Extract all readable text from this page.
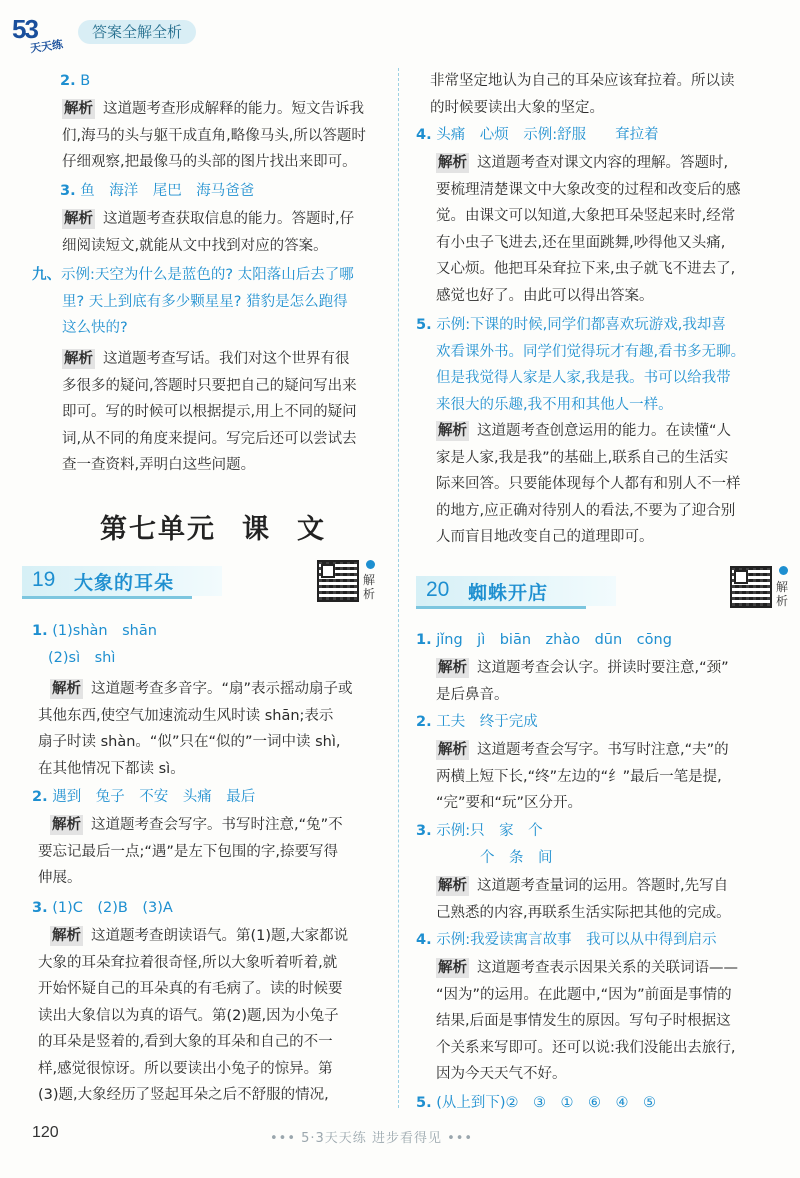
53
天天练
答案全解全析
2. B
解析 这道题考查形成解释的能力。短文告诉我
们,海马的头与躯干成直角,略像马头,所以答题时
仔细观察,把最像马的头部的图片找出来即可。
3. 鱼　海洋　尾巴　海马爸爸
解析 这道题考查获取信息的能力。答题时,仔
细阅读短文,就能从文中找到对应的答案。
九、示例:天空为什么是蓝色的? 太阳落山后去了哪
里? 天上到底有多少颗星星? 猎豹是怎么跑得
这么快的?
解析 这道题考查写话。我们对这个世界有很
多很多的疑问,答题时只要把自己的疑问写出来
即可。写的时候可以根据提示,用上不同的疑问
词,从不同的角度来提问。写完后还可以尝试去
查一查资料,弄明白这些问题。
第七单元 课 文
19 大象的耳朵	解析
1. (1)shàn　shān
(2)sì　shì
解析 这道题考查多音字。“扇”表示摇动扇子或
其他东西,使空气加速流动生风时读 shān;表示
扇子时读 shàn。“似”只在“似的”一词中读 shì,
在其他情况下都读 sì。
2. 遇到　兔子　不安　头痛　最后
解析 这道题考查会写字。书写时注意,“兔”不
要忘记最后一点;“遇”是左下包围的字,捺要写得
伸展。
3. (1)C　(2)B　(3)A
解析 这道题考查朗读语气。第(1)题,大家都说
大象的耳朵耷拉着很奇怪,所以大象听着听着,就
开始怀疑自己的耳朵真的有毛病了。读的时候要
读出大象信以为真的语气。第(2)题,因为小兔子
的耳朵是竖着的,看到大象的耳朵和自己的不一
样,感觉很惊讶。所以要读出小兔子的惊异。第
(3)题,大象经历了竖起耳朵之后不舒服的情况,
非常坚定地认为自己的耳朵应该耷拉着。所以读
的时候要读出大象的坚定。
4. 头痛　心烦　示例:舒服　　耷拉着
解析 这道题考查对课文内容的理解。答题时,
要梳理清楚课文中大象改变的过程和改变后的感
觉。由课文可以知道,大象把耳朵竖起来时,经常
有小虫子飞进去,还在里面跳舞,吵得他又头痛,
又心烦。他把耳朵耷拉下来,虫子就飞不进去了,
感觉也好了。由此可以得出答案。
5. 示例:下课的时候,同学们都喜欢玩游戏,我却喜
欢看课外书。同学们觉得玩才有趣,看书多无聊。
但是我觉得人家是人家,我是我。书可以给我带
来很大的乐趣,我不用和其他人一样。
解析 这道题考查创意运用的能力。在读懂“人
家是人家,我是我”的基础上,联系自己的生活实
际来回答。只要能体现每个人都有和别人不一样
的地方,应正确对待别人的看法,不要为了迎合别
人而盲目地改变自己的道理即可。
20 蜘蛛开店	解析
1. jǐng　jì　biān　zhào　dūn　cōng
解析 这道题考查会认字。拼读时要注意,“颈”
是后鼻音。
2. 工夫　终于完成
解析 这道题考查会写字。书写时注意,“夫”的
两横上短下长,“终”左边的“纟”最后一笔是提,
“完”要和“玩”区分开。
3. 示例:只　家　个
个　条　间
解析 这道题考查量词的运用。答题时,先写自
己熟悉的内容,再联系生活实际把其他的完成。
4. 示例:我爱读寓言故事　我可以从中得到启示
解析 这道题考查表示因果关系的关联词语——
“因为”的运用。在此题中,“因为”前面是事情的
结果,后面是事情发生的原因。写句子时根据这
个关系来写即可。还可以说:我们没能出去旅行,
因为今天天气不好。
5. (从上到下)②　③　①　⑥　④　⑤
120	••• 5·3天天练 进步看得见 •••
